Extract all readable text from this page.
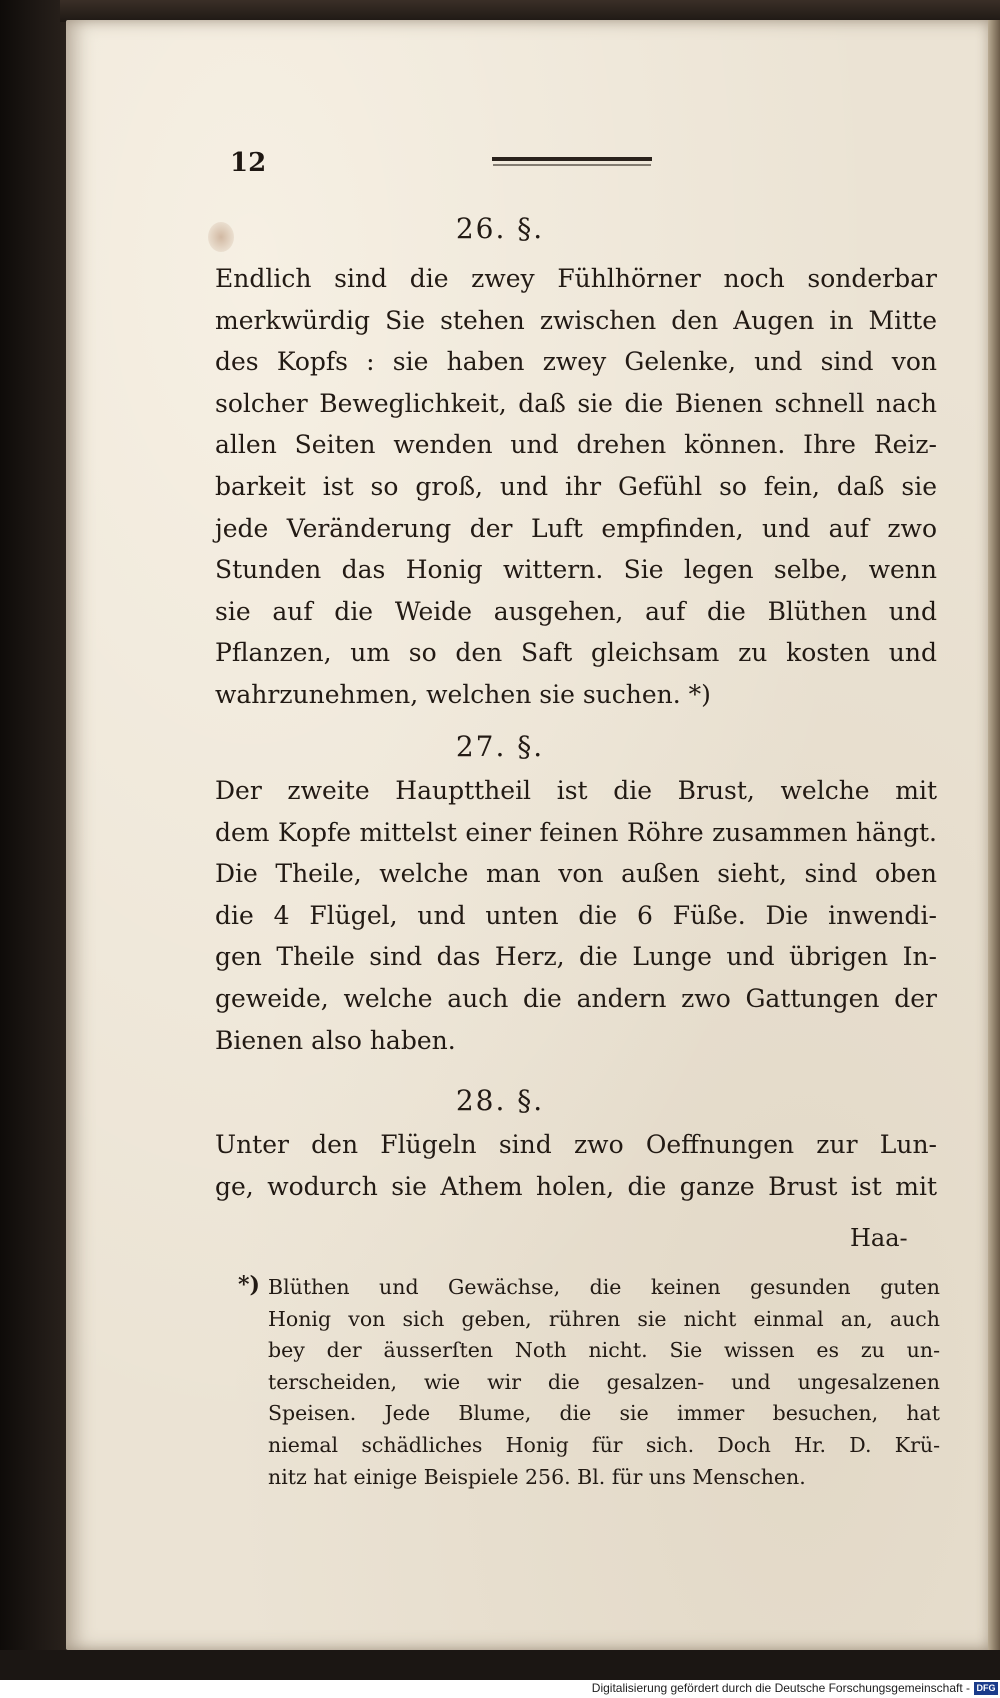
12
26. §.
Endlich sind die zwey Fühlhörner noch sonderbar
merkwürdig Sie stehen zwischen den Augen in Mitte
des Kopfs : sie haben zwey Gelenke, und sind von
solcher Beweglichkeit, daß sie die Bienen schnell nach
allen Seiten wenden und drehen können. Ihre Reiz-
barkeit ist so groß, und ihr Gefühl so fein, daß sie
jede Veränderung der Luft empfinden, und auf zwo
Stunden das Honig wittern. Sie legen selbe, wenn
sie auf die Weide ausgehen, auf die Blüthen und
Pflanzen, um so den Saft gleichsam zu kosten und
wahrzunehmen, welchen sie suchen. *)
27. §.
Der zweite Haupttheil ist die Brust, welche mit
dem Kopfe mittelst einer feinen Röhre zusammen hängt.
Die Theile, welche man von außen sieht, sind oben
die 4 Flügel, und unten die 6 Füße. Die inwendi-
gen Theile sind das Herz, die Lunge und übrigen In-
geweide, welche auch die andern zwo Gattungen der
Bienen also haben.
28. §.
Unter den Flügeln sind zwo Oeffnungen zur Lun-
ge, wodurch sie Athem holen, die ganze Brust ist mit
Haa-
*) Blüthen und Gewächse, die keinen gesunden guten
Honig von sich geben, rühren sie nicht einmal an, auch
bey der äusserſten Noth nicht. Sie wissen es zu un-
terscheiden, wie wir die gesalzen- und ungesalzenen
Speisen. Jede Blume, die sie immer besuchen, hat
niemal schädliches Honig für sich. Doch Hr. D. Krü-
nitz hat einige Beispiele 256. Bl. für uns Menschen.
Digitalisierung gefördert durch die Deutsche Forschungsgemeinschaft - DFG
